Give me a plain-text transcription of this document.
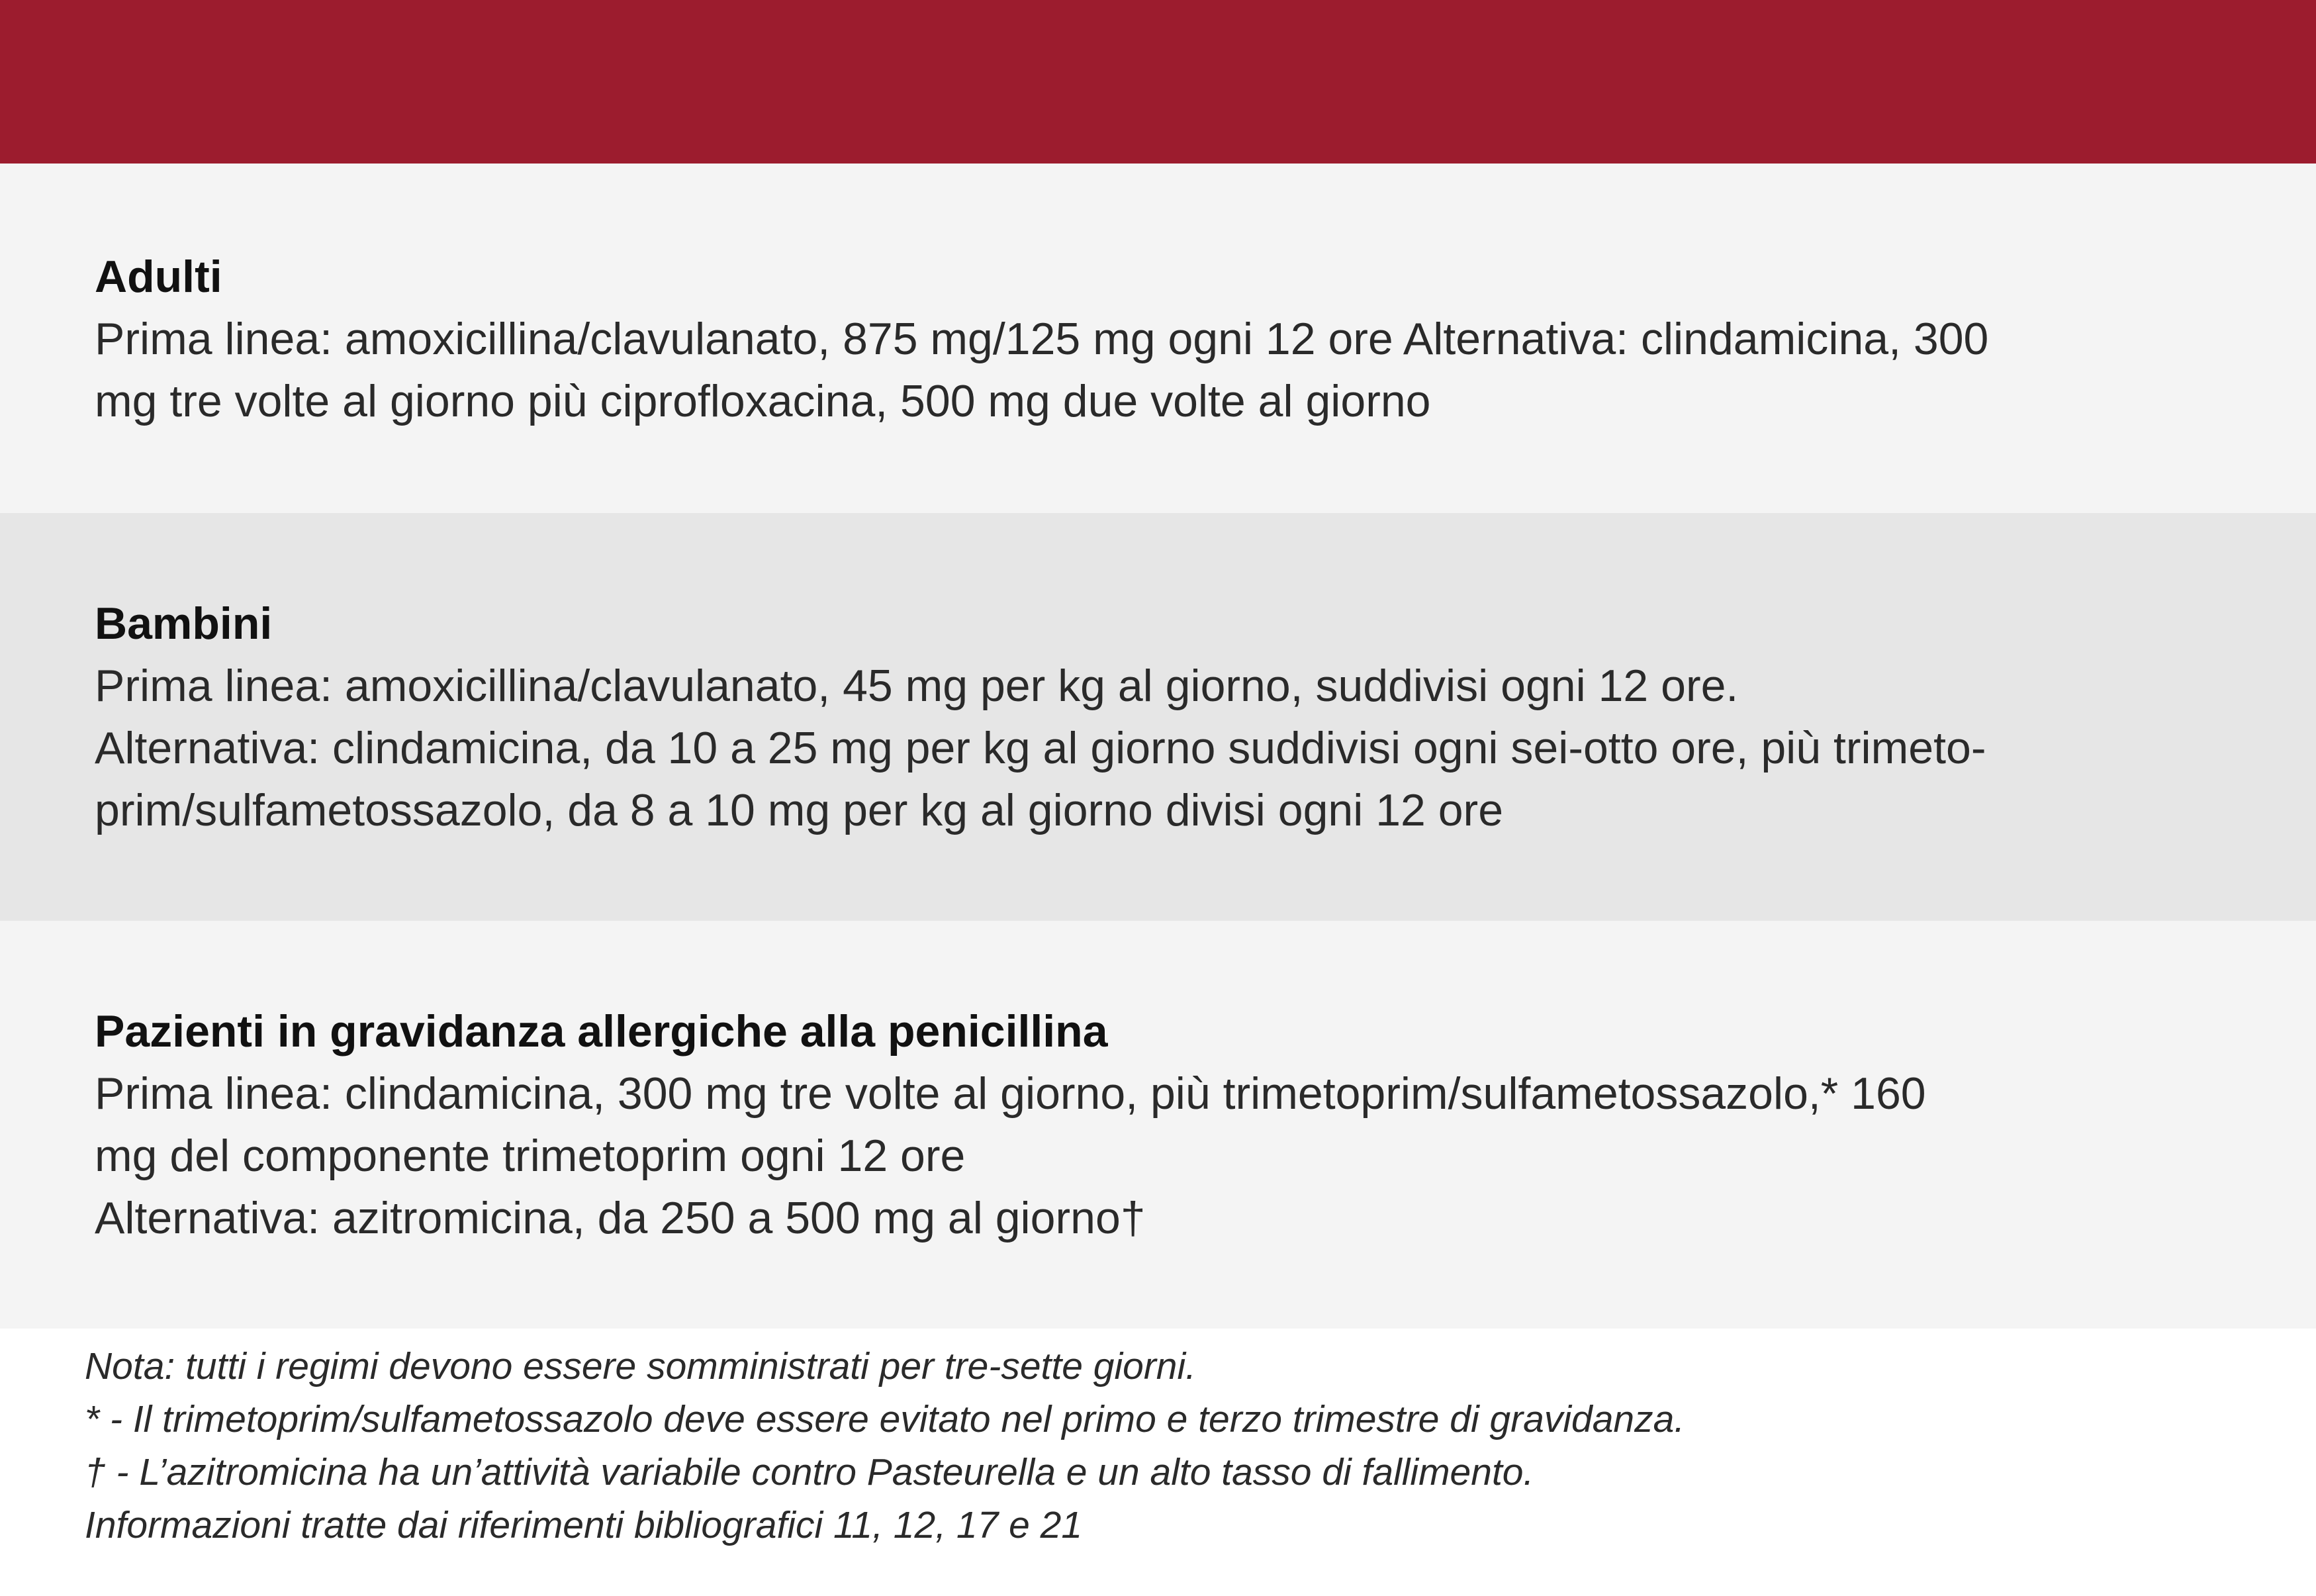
Adulti

Prima linea: amoxicillina/clavulanato, 875 mg/125 mg ogni 12 ore Alternativa: clindamicina, 300

mg tre volte al giorno più ciprofloxacina, 500 mg due volte al giorno

Bambini

Prima linea: amoxicillina/clavulanato, 45 mg per kg al giorno, suddivisi ogni 12 ore.

Alternativa: clindamicina, da 10 a 25 mg per kg al giorno suddivisi ogni sei-otto ore, più trimeto-

prim/sulfametossazolo, da 8 a 10 mg per kg al giorno divisi ogni 12 ore

Pazienti in gravidanza allergiche alla penicillina

Prima linea: clindamicina, 300 mg tre volte al giorno, più trimetoprim/sulfametossazolo,* 160

mg del componente trimetoprim ogni 12 ore

Alternativa: azitromicina, da 250 a 500 mg al giorno†

Nota: tutti i regimi devono essere somministrati per tre-sette giorni.

* - Il trimetoprim/sulfametossazolo deve essere evitato nel primo e terzo trimestre di gravidanza.

† - L’azitromicina ha un’attività variabile contro Pasteurella e un alto tasso di fallimento.

Informazioni tratte dai riferimenti bibliografici 11, 12, 17 e 21
